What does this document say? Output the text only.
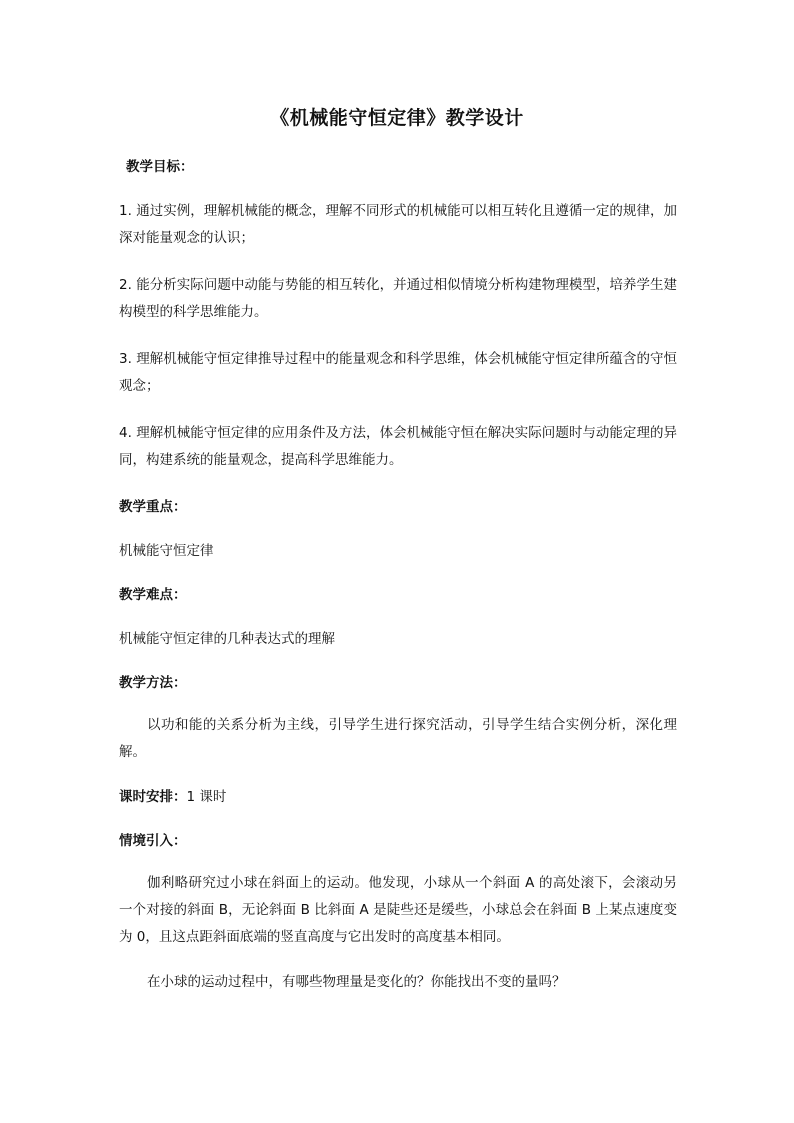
《机械能守恒定律》教学设计

教学目标：

1. 通过实例，理解机械能的概念，理解不同形式的机械能可以相互转化且遵循一定的规律，加深对能量观念的认识；

2. 能分析实际问题中动能与势能的相互转化，并通过相似情境分析构建物理模型，培养学生建构模型的科学思维能力。

3. 理解机械能守恒定律推导过程中的能量观念和科学思维，体会机械能守恒定律所蕴含的守恒观念；

4. 理解机械能守恒定律的应用条件及方法，体会机械能守恒在解决实际问题时与动能定理的异同，构建系统的能量观念，提高科学思维能力。

教学重点：

机械能守恒定律

教学难点：

机械能守恒定律的几种表达式的理解

教学方法：

以功和能的关系分析为主线，引导学生进行探究活动，引导学生结合实例分析，深化理解。

课时安排：1 课时

情境引入：

伽利略研究过小球在斜面上的运动。他发现，小球从一个斜面 A 的高处滚下，会滚动另一个对接的斜面 B，无论斜面 B 比斜面 A 是陡些还是缓些，小球总会在斜面 B 上某点速度变为 0，且这点距斜面底端的竖直高度与它出发时的高度基本相同。

在小球的运动过程中，有哪些物理量是变化的？你能找出不变的量吗？
